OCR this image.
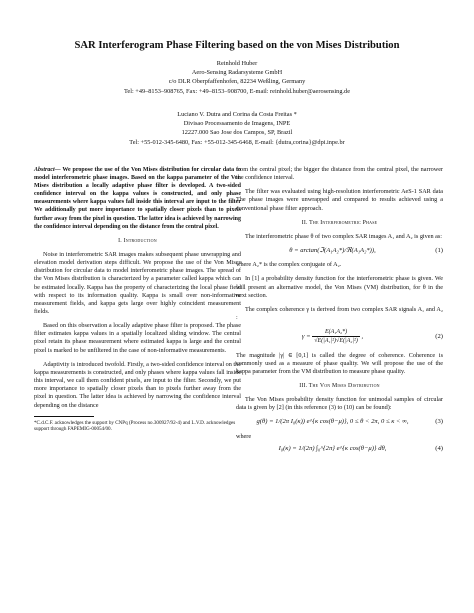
SAR Interferogram Phase Filtering based on the von Mises Distribution
Reinhold Huber
Aero-Sensing Radarsysteme GmbH
c/o DLR Oberpfaffenhofen, 82234 Weßling, Germany
Tel: +49–8153–908765, Fax: +49–8153–908700, E-mail: reinhold.huber@aerosensing.de
Luciano V. Dutra and Corina da Costa Freitas *
Divisao Processamento de Imagens, INPE
12227.000 Sao Jose dos Campos, SP, Brazil
Tel: +55-012-345-6480, Fax: +55-012-345-6468, E-mail: {dutra,corina}@dpi.inpe.br

Abstract— We propose the use of the Von Mises distribution for circular data to model interferometric phase images. Based on the kappa parameter of the Von Mises distribution a locally adaptive phase filter is developed. A two-sided confidence interval on the kappa values is constructed, and only phase measurements where kappa values fall inside this interval are input to the filter We additionally put more importance to spatially closer pixels than to pixels further away from the pixel in question. The latter idea is achieved by narrowing the confidence interval depending on the distance from the central pixel.

I. Introduction

Noise in interferometric SAR images makes subsequent phase unwrapping and elevation model derivation steps difficult. We propose the use of the Von Mises distribution for circular data to model interferometric phase images. The spread of the Von Mises distribution is characterized by a parameter called kappa which can be estimated locally. Kappa has the property of characterizing the local phase field with respect to its information quality. Kappa is small over non-informative measurement fields, and kappa gets large over highly coincident measurement fields.

Based on this observation a locally adaptive phase filter is proposed. The phase filter estimates kappa values in a spatially localized sliding window. The central pixel retain its phase measurement where estimated kappa is large and the central pixel is marked to be unfiltered in the case of non-informative measurements.

Adaptivity is introduced twofold. Firstly, a two-sided confidence interval on the kappa measurements is constructed, and only phases where kappa values fall inside this interval, we call them confident pixels, are input to the filter. Secondly, we put more importance to spatially closer pixels than to pixels further away from the pixel in question. The latter idea is achieved by narrowing the confidence interval depending on the distance

*C.d.C.F. acknowledges the support by CNPq (Process no.300927/92-4) and L.V.D. acknowledges support through FAPEMIG-00054/00.

from the central pixel; the bigger the distance from the central pixel, the narrower the confidence interval.

The filter was evaluated using high-resolution interferometric AeS-1 SAR data The phase images were unwrapped and compared to results achieved using a conventional phase filter approach.

II. The Interferometric Phase

The interferometric phase θ of two complex SAR images A₁ and A₂ is given as:

θ = arctan(ℑ(A₁A₂*)/ℜ(A₁A₂*)),	(1)

where A₂* is the complex conjugate of A₂.

In [1] a probability density function for the interferometric phase is given. We will present an alternative model, the Von Mises (VM) distribution, for θ in the next section.

The complex coherence γ is derived from two complex SAR signals A₁ and A₂ :

$\gamma = \frac{\text{E(A₁A₂*)}}{\text{√E(|A₁|²)√E(|A₂|²)}}$ ,	(2)

The magnitude |γ| ∈ [0,1] is called the degree of coherence. Coherence is commonly used as a measure of phase quality. We will propose the use of the kappa parameter from the VM distribution to measure phase quality.

III. The Von Mises Distribution

The Von Mises probability density function for unimodal samples of circular data is given by [2] (in this reference (3) to (10) can be found):

g(θ) = 1/(2π I₀(κ)) e^{κ cos(θ−μ)}, 0 ≤ θ < 2π, 0 ≤ κ < ∞,	(3)

where

I₀(κ) = 1/(2π) ∫₀^{2π} e^{κ cos(θ−μ)} dθ,	(4)
